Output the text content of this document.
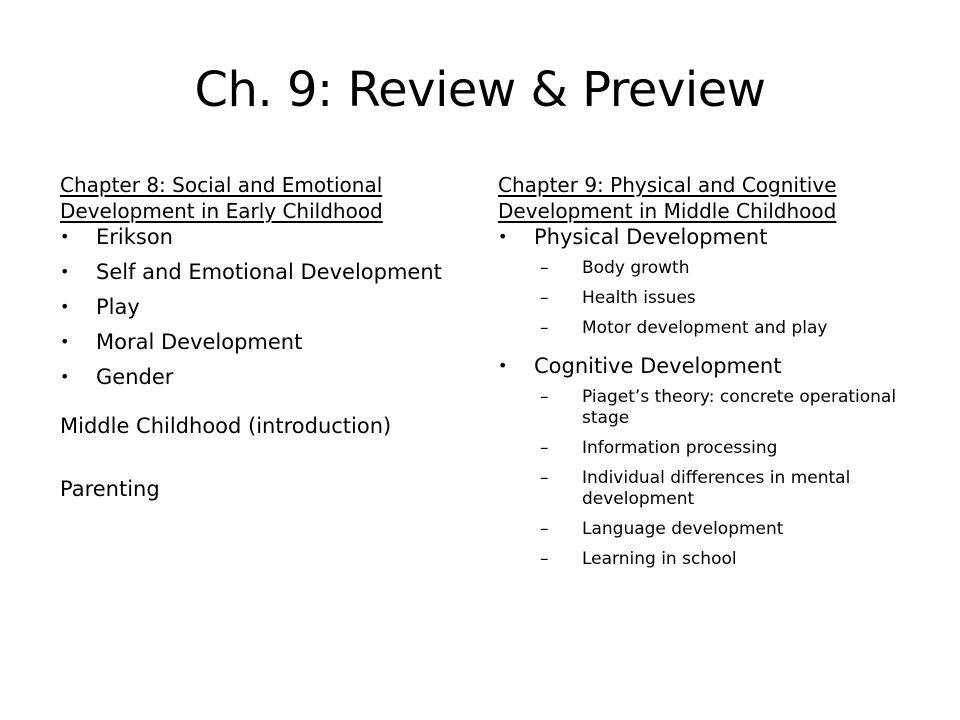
Ch. 9: Review & Preview

Chapter 8: Social and Emotional Development in Early Childhood

•	Erikson
•	Self and Emotional Development
•	Play
•	Moral Development
•	Gender

Middle Childhood (introduction)

Parenting

Chapter 9: Physical and Cognitive Development in Middle Childhood

•	Physical Development
–	Body growth
–	Health issues
–	Motor development and play
•	Cognitive Development
–	Piaget’s theory: concrete operational stage
–	Information processing
–	Individual differences in mental development
–	Language development
–	Learning in school
